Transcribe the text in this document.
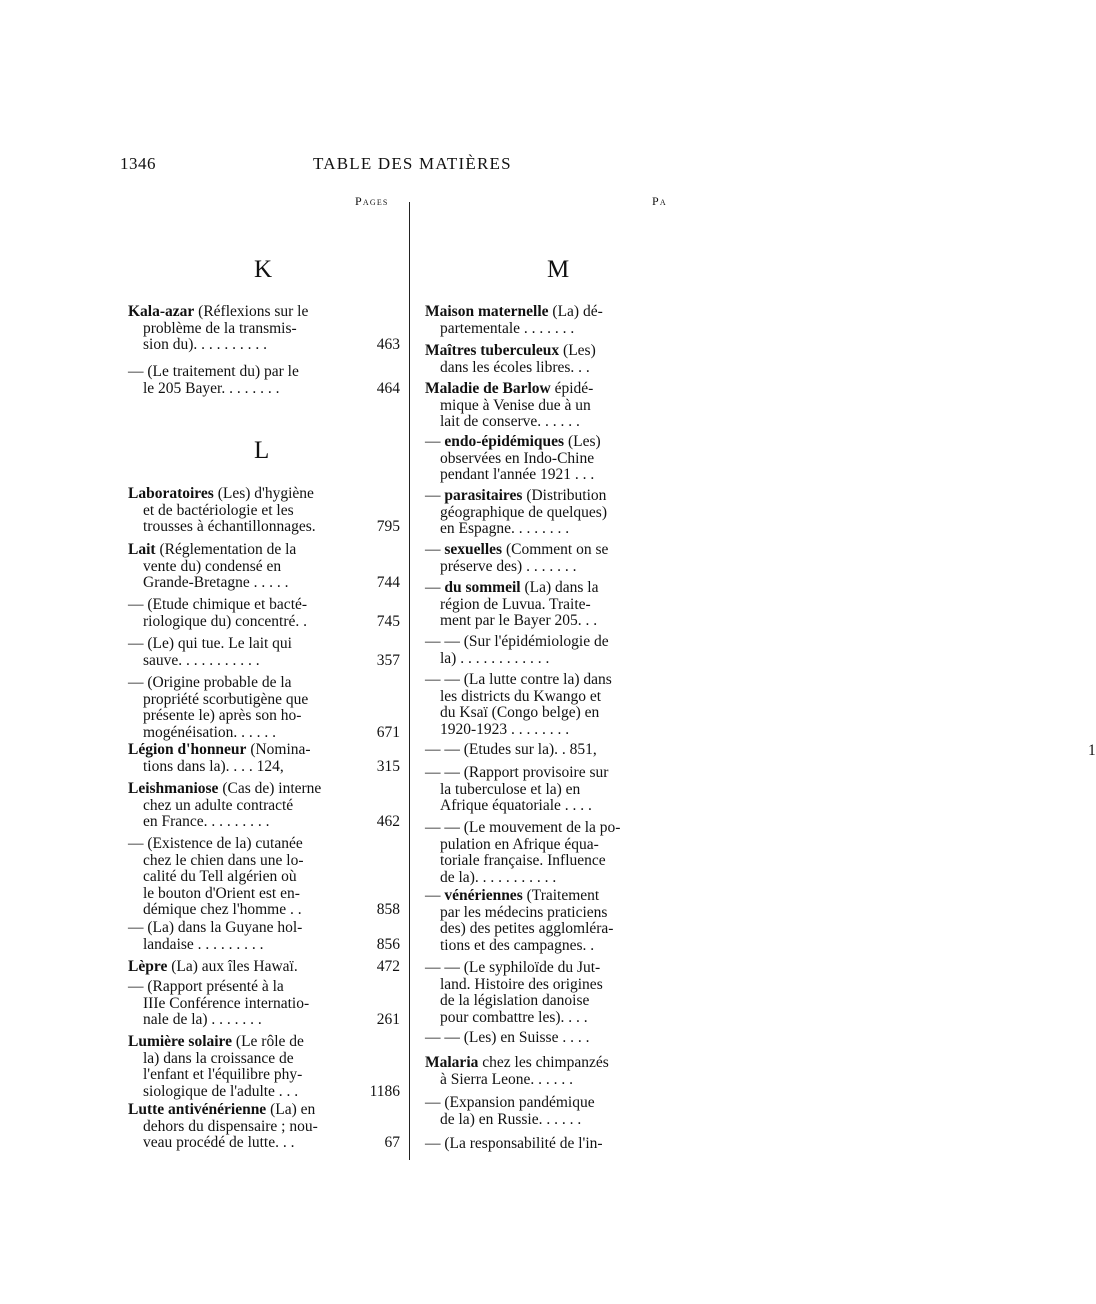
1346	TABLE DES MATIÈRES
Pages	Pa
K
L
Kala-azar (Réflexions sur le
problème de la transmis-
sion du). . . . . . . . . .	463
— (Le traitement du) par le
le 205 Bayer. . . . . . . .	464
Laboratoires (Les) d'hygiène
et de bactériologie et les
trousses à échantillonnages.	795
Lait (Réglementation de la
vente du) condensé en
Grande-Bretagne . . . . .	744
— (Etude chimique et bacté-
riologique du) concentré. .	745
— (Le) qui tue. Le lait qui
sauve. . . . . . . . . . .	357
— (Origine probable de la
propriété scorbutigène que
présente le) après son ho-
mogénéisation. . . . . .	671
Légion d'honneur (Nomina-
tions dans la). . . . 124,	315
Leishmaniose (Cas de) interne
chez un adulte contracté
en France. . . . . . . . .	462
— (Existence de la) cutanée
chez le chien dans une lo-
calité du Tell algérien où
le bouton d'Orient est en-
démique chez l'homme . .	858
— (La) dans la Guyane hol-
landaise . . . . . . . . .	856
Lèpre (La) aux îles Hawaï.	472
— (Rapport présenté à la
IIIe Conférence internatio-
nale de la) . . . . . . .	261
Lumière solaire (Le rôle de
la) dans la croissance de
l'enfant et l'équilibre phy-
siologique de l'adulte . . .	1186
Lutte antivénérienne (La) en
dehors du dispensaire ; nou-
veau procédé de lutte. . .	67
M
Maison maternelle (La) dé-
partementale . . . . . . .
Maîtres tuberculeux (Les)
dans les écoles libres. . .
Maladie de Barlow épidé-
mique à Venise due à un
lait de conserve. . . . . .
— endo-épidémiques (Les)
observées en Indo-Chine
pendant l'année 1921 . . .
— parasitaires (Distribution
géographique de quelques)
en Espagne. . . . . . . .
— sexuelles (Comment on se
préserve des) . . . . . . .
— du sommeil (La) dans la
région de Luvua. Traite-
ment par le Bayer 205. . .
— — (Sur l'épidémiologie de
la) . . . . . . . . . . . .
— — (La lutte contre la) dans
les districts du Kwango et
du Ksaï (Congo belge) en
1920-1923 . . . . . . . .
— — (Etudes sur la). . 851,	1
— — (Rapport provisoire sur
la tuberculose et la) en
Afrique équatoriale . . . .
— — (Le mouvement de la po-
pulation en Afrique équa-
toriale française. Influence
de la). . . . . . . . . . .
— vénériennes (Traitement
par les médecins praticiens
des) des petites agglomléra-
tions et des campagnes. .
— — (Le syphiloïde du Jut-
land. Histoire des origines
de la législation danoise
pour combattre les). . . .
— — (Les) en Suisse . . . .
Malaria chez les chimpanzés
à Sierra Leone. . . . . .
— (Expansion pandémique
de la) en Russie. . . . . .
— (La responsabilité de l'in-
